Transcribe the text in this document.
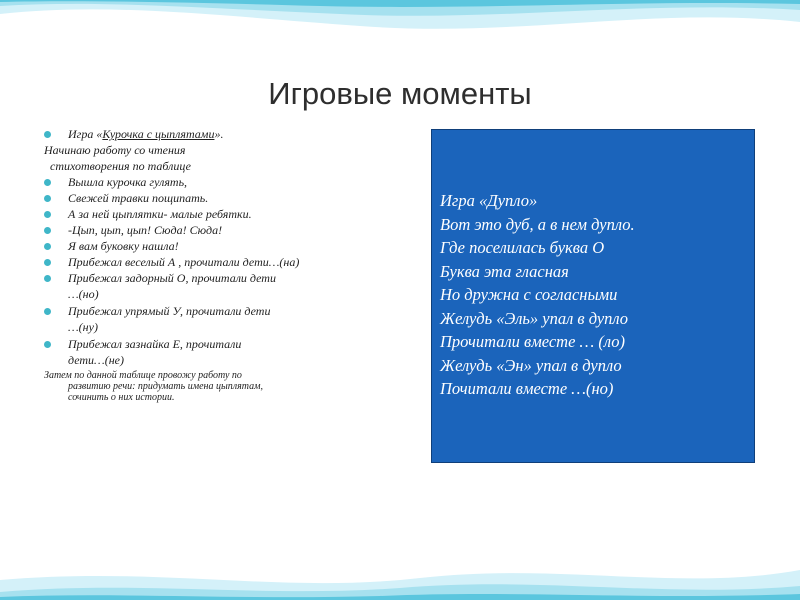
Игровые моменты
Игра «Курочка с цыплятами».
Начинаю работу со чтения
стихотворения по таблице
Вышла курочка гулять,
Свежей травки пощипать.
А за ней цыплятки- малые ребятки.
-Цып, цып, цып! Сюда! Сюда!
Я вам буковку нашла!
Прибежал веселый А , прочитали дети…(на)
Прибежал задорный О, прочитали дети
…(но)
Прибежал упрямый У, прочитали дети
…(ну)
Прибежал зазнайка Е, прочитали
дети…(не)
Затем по данной таблице провожу работу по
развитию речи: придумать имена цыплятам,
сочинить о них истории.
Игра «Дупло»
Вот это дуб, а в нем дупло.
Где поселилась буква О
Буква эта гласная
Но дружна с согласными
Желудь «Эль» упал в дупло
Прочитали вместе … (ло)
Желудь «Эн» упал в дупло
Почитали вместе …(но)
